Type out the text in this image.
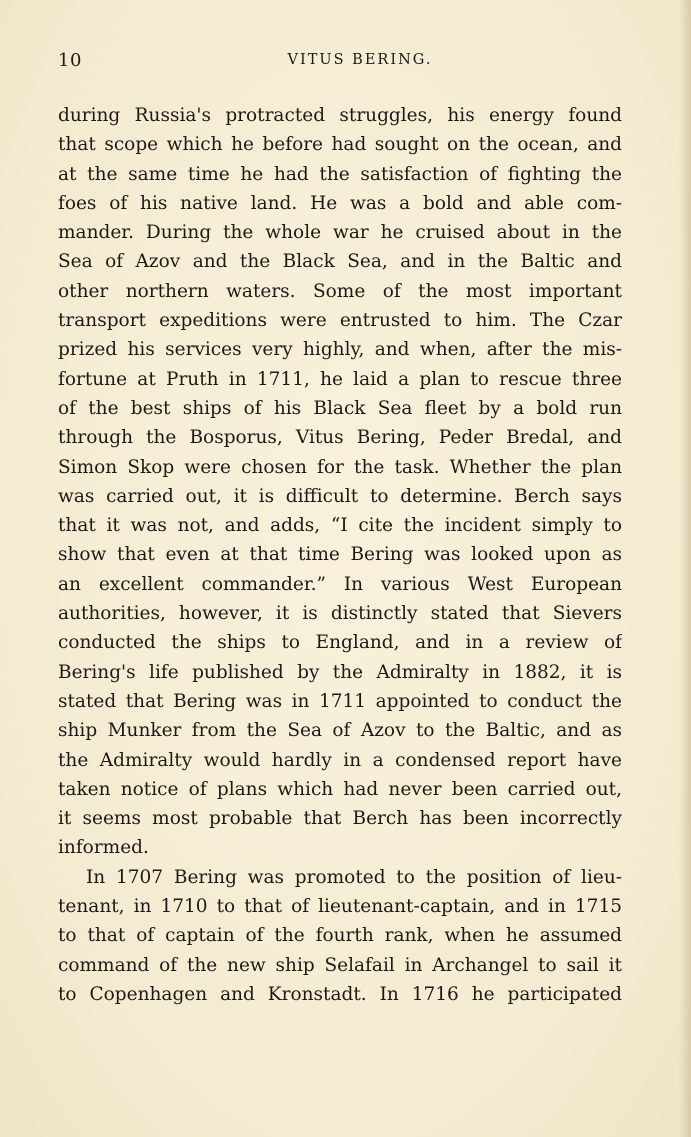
10	VITUS BERING.
during Russia's protracted struggles, his energy found
that scope which he before had sought on the ocean, and
at the same time he had the satisfaction of fighting the
foes of his native land. He was a bold and able com-
mander. During the whole war he cruised about in the
Sea of Azov and the Black Sea, and in the Baltic and
other northern waters. Some of the most important
transport expeditions were entrusted to him. The Czar
prized his services very highly, and when, after the mis-
fortune at Pruth in 1711, he laid a plan to rescue three
of the best ships of his Black Sea fleet by a bold run
through the Bosporus, Vitus Bering, Peder Bredal, and
Simon Skop were chosen for the task. Whether the plan
was carried out, it is difficult to determine. Berch says
that it was not, and adds, “I cite the incident simply to
show that even at that time Bering was looked upon as
an excellent commander.” In various West European
authorities, however, it is distinctly stated that Sievers
conducted the ships to England, and in a review of
Bering's life published by the Admiralty in 1882, it is
stated that Bering was in 1711 appointed to conduct the
ship Munker from the Sea of Azov to the Baltic, and as
the Admiralty would hardly in a condensed report have
taken notice of plans which had never been carried out,
it seems most probable that Berch has been incorrectly
informed.
In 1707 Bering was promoted to the position of lieu-
tenant, in 1710 to that of lieutenant-captain, and in 1715
to that of captain of the fourth rank, when he assumed
command of the new ship Selafail in Archangel to sail it
to Copenhagen and Kronstadt. In 1716 he participated
